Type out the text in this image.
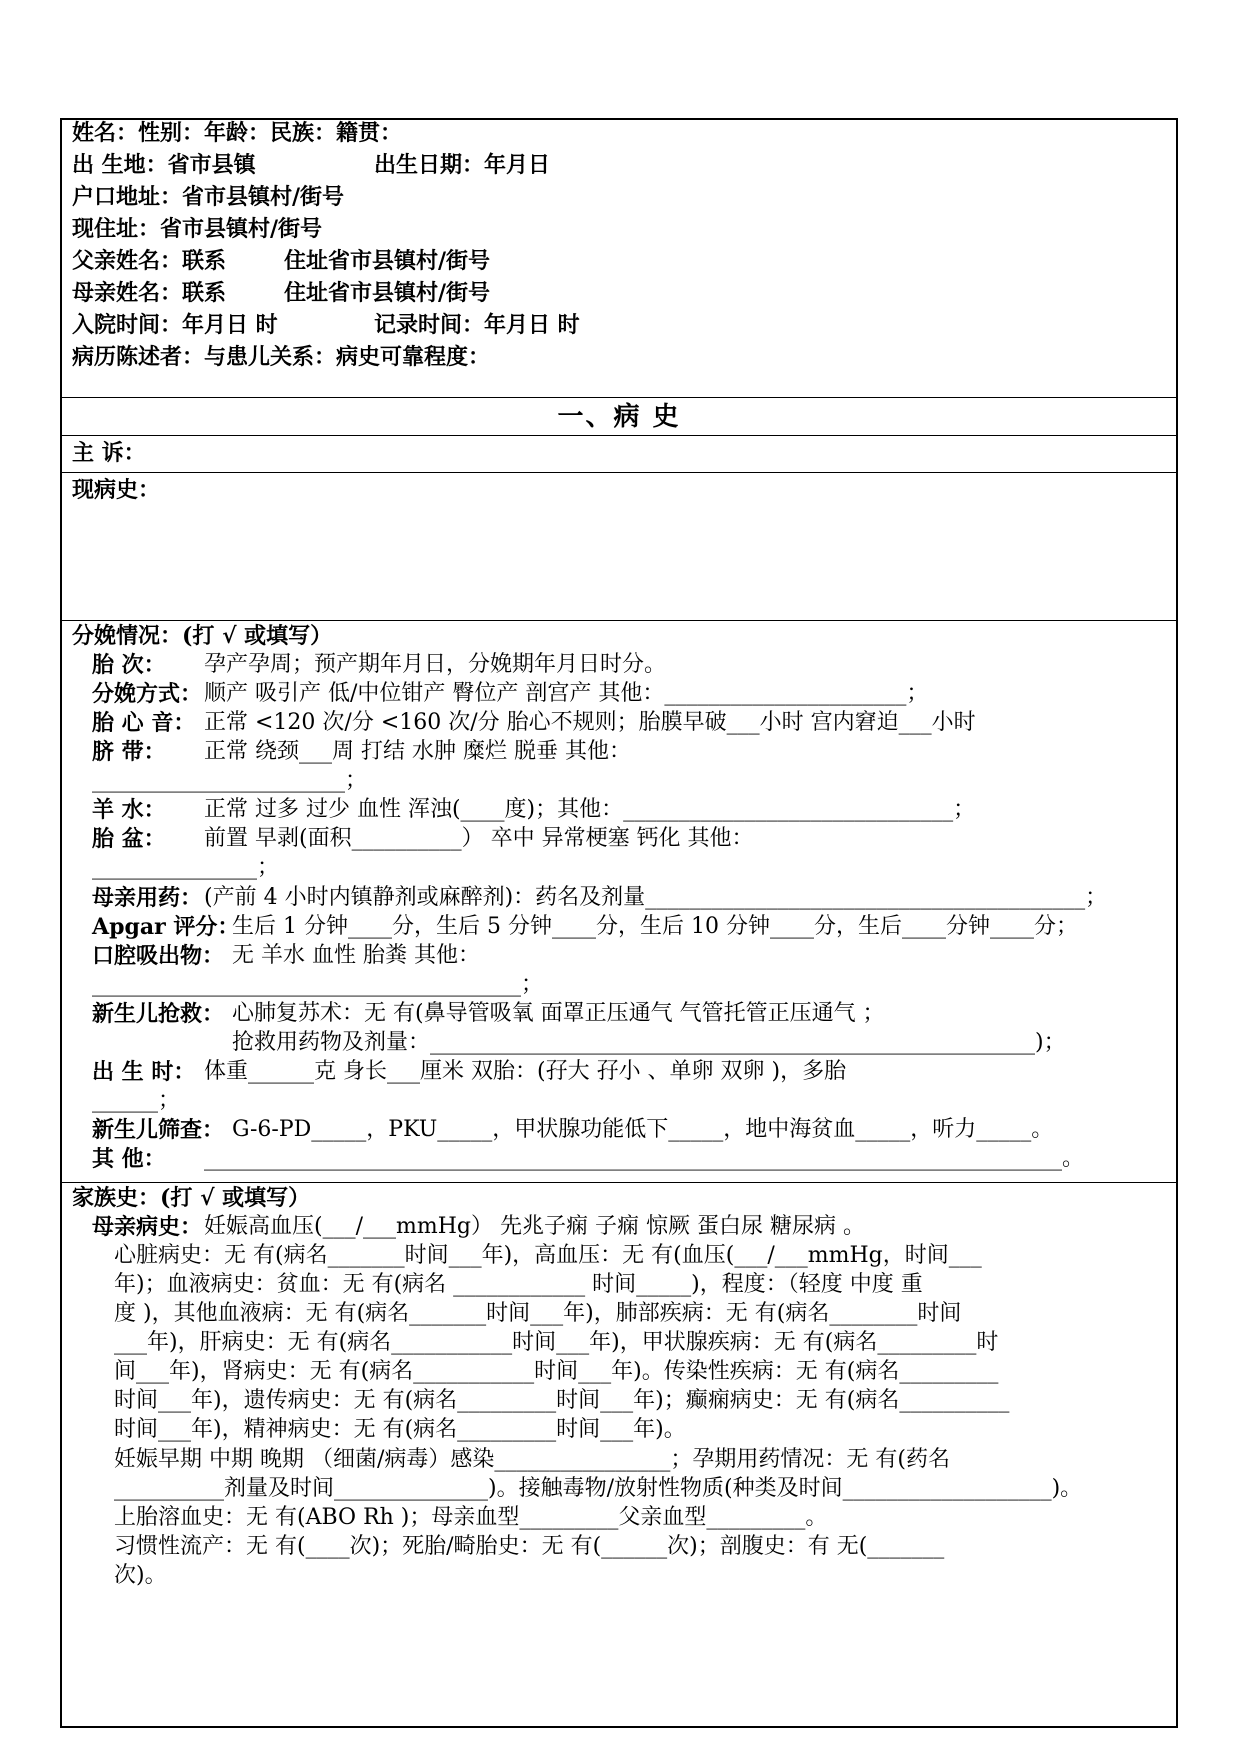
姓名：性别：年龄：民族：籍贯：
出 生地：省市县镇	出生日期：年月日
户口地址：省市县镇村/街号
现住址：省市县镇村/街号
父亲姓名：联系	住址省市县镇村/街号
母亲姓名：联系	住址省市县镇村/街号
入院时间：年月日 时	记录时间：年月日 时
病历陈述者：与患儿关系：病史可靠程度：
一、病 史
主 诉：
现病史：
分娩情况：(打 √ 或填写）
胎 次： 孕产孕周；预产期年月日，分娩期年月日时分。
分娩方式： 顺产 吸引产 低/中位钳产 臀位产 剖宫产 其他：______________________；
胎 心 音： 正常 <120 次/分 <160 次/分 胎心不规则；胎膜早破___小时 宫内窘迫___小时
脐 带： 正常 绕颈___周 打结 水肿 糜烂 脱垂 其他：
_______________________；
羊 水： 正常 过多 过少 血性 浑浊(____度)；其他：______________________________；
胎 盆： 前置 早剥(面积__________） 卒中 异常梗塞 钙化 其他：
_______________；
母亲用药： (产前 4 小时内镇静剂或麻醉剂)：药名及剂量________________________________________；
Apgar 评分：
生后 1 分钟____分，生后 5 分钟____分，生后 10 分钟____分，生后____分钟____分；
口腔吸出物： 无 羊水 血性 胎粪 其他：
_______________________________________；
新生儿抢救： 心肺复苏术：无 有(鼻导管吸氧 面罩正压通气 气管托管正压通气 ；
抢救用药物及剂量：_______________________________________________________)；
出 生 时： 体重______克 身长___厘米 双胎：(孖大 孖小 、单卵 双卵 )，多胎
______；
新生儿筛查： G-6-PD_____，PKU_____，甲状腺功能低下_____，地中海贫血_____，听力_____。
其 他： ______________________________________________________________________________。
家族史：(打 √ 或填写）
母亲病史： 妊娠高血压(___/___mmHg） 先兆子痫 子痫 惊厥 蛋白尿 糖尿病 。
心脏病史：无 有(病名_______时间___年)，高血压：无 有(血压(___/___mmHg，时间___
年)；血液病史：贫血：无 有(病名 ____________ 时间_____)，程度：（轻度 中度 重
度 )，其他血液病：无 有(病名_______时间___年)，肺部疾病：无 有(病名________时间
___年)，肝病史：无 有(病名___________时间___年)，甲状腺疾病：无 有(病名_________时
间___年)，肾病史：无 有(病名___________时间___年)。传染性疾病：无 有(病名_________
时间___年)，遗传病史：无 有(病名_________时间___年)；癫痫病史：无 有(病名__________
时间___年)，精神病史：无 有(病名_________时间___年)。
妊娠早期 中期 晚期 （细菌/病毒）感染________________；孕期用药情况：无 有(药名
__________剂量及时间______________)。接触毒物/放射性物质(种类及时间___________________)。
上胎溶血史：无 有(ABO Rh )；母亲血型_________父亲血型_________。
习惯性流产：无 有(____次)；死胎/畸胎史：无 有(______次)；剖腹史：有 无(_______
次)。
